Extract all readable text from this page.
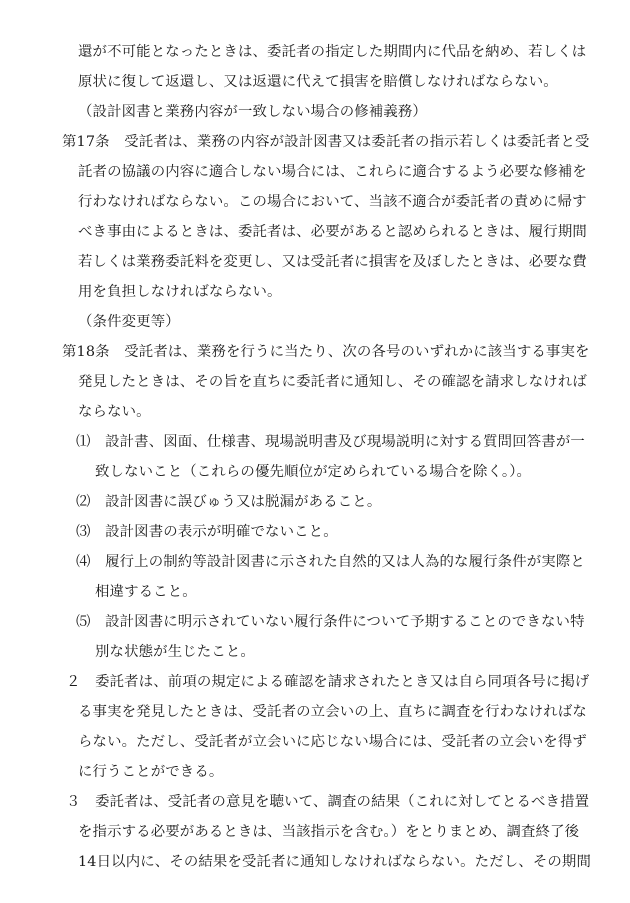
還が不可能となったときは、委託者の指定した期間内に代品を納め、若しくは
原状に復して返還し、又は返還に代えて損害を賠償しなければならない。
（設計図書と業務内容が一致しない場合の修補義務）
第17条　受託者は、業務の内容が設計図書又は委託者の指示若しくは委託者と受
託者の協議の内容に適合しない場合には、これらに適合するよう必要な修補を
行わなければならない。この場合において、当該不適合が委託者の責めに帰す
べき事由によるときは、委託者は、必要があると認められるときは、履行期間
若しくは業務委託料を変更し、又は受託者に損害を及ぼしたときは、必要な費
用を負担しなければならない。
（条件変更等）
第18条　受託者は、業務を行うに当たり、次の各号のいずれかに該当する事実を
発見したときは、その旨を直ちに委託者に通知し、その確認を請求しなければ
ならない。
⑴　設計書、図面、仕様書、現場説明書及び現場説明に対する質問回答書が一
致しないこと（これらの優先順位が定められている場合を除く。）。
⑵　設計図書に誤びゅう又は脱漏があること。
⑶　設計図書の表示が明確でないこと。
⑷　履行上の制約等設計図書に示された自然的又は人為的な履行条件が実際と
相違すること。
⑸　設計図書に明示されていない履行条件について予期することのできない特
別な状態が生じたこと。
２　委託者は、前項の規定による確認を請求されたとき又は自ら同項各号に掲げ
る事実を発見したときは、受託者の立会いの上、直ちに調査を行わなければな
らない。ただし、受託者が立会いに応じない場合には、受託者の立会いを得ず
に行うことができる。
３　委託者は、受託者の意見を聴いて、調査の結果（これに対してとるべき措置
を指示する必要があるときは、当該指示を含む。）をとりまとめ、調査終了後
14日以内に、その結果を受託者に通知しなければならない。ただし、その期間
